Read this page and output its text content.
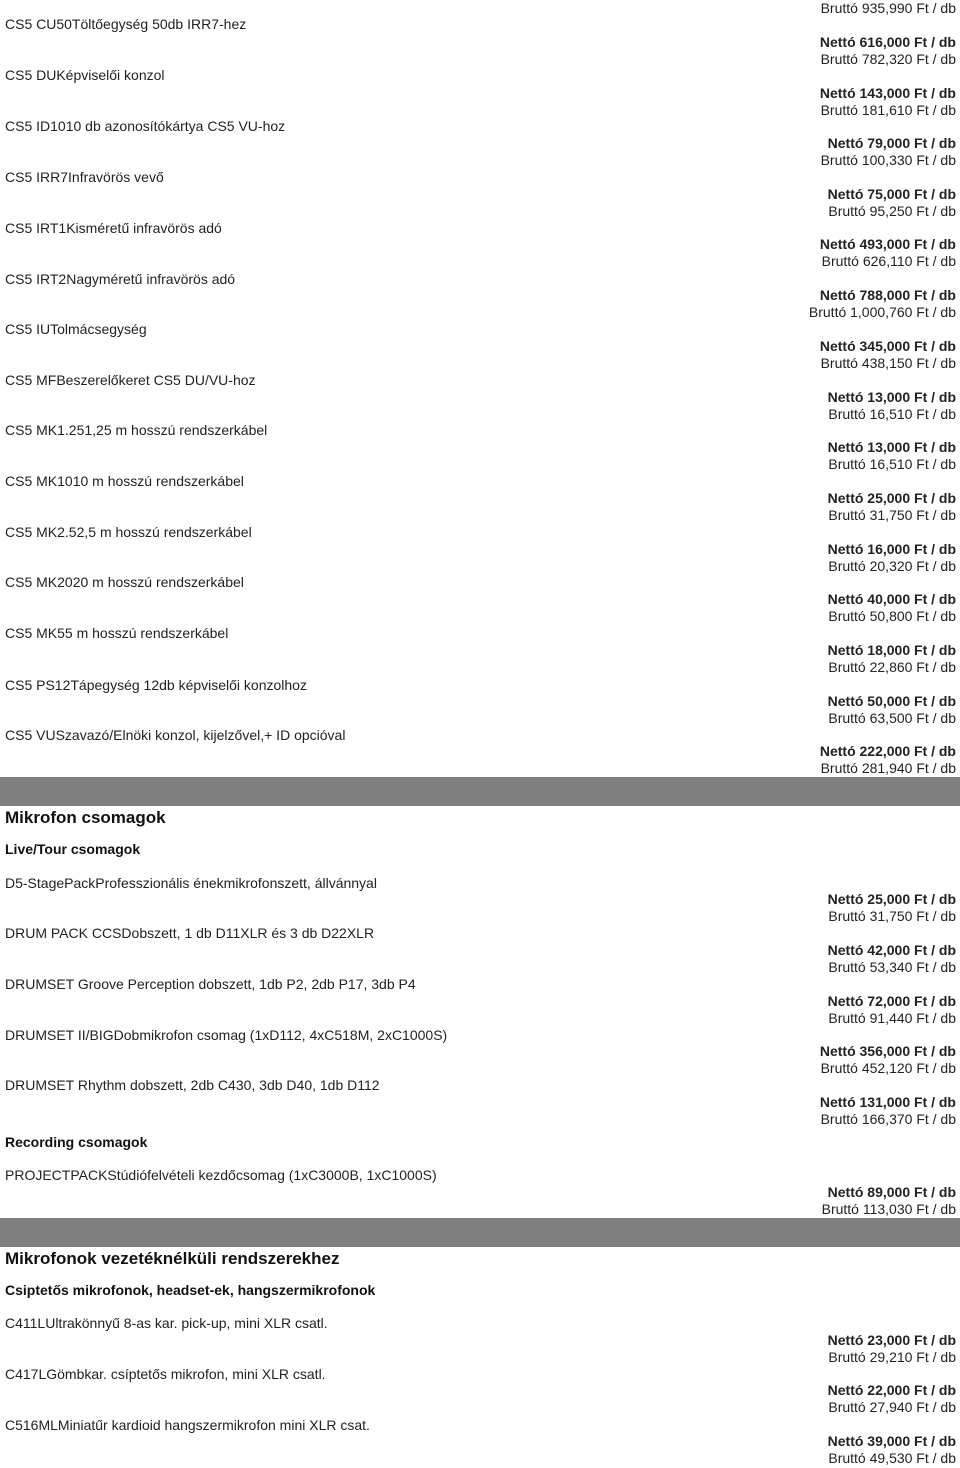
Bruttó 935,990 Ft / db
CS5 CU50Töltőegység 50db IRR7-hez
CS5 DUKépviselői konzol
CS5 ID1010 db azonosítókártya CS5 VU-hoz
CS5 IRR7Infravörös vevő
CS5 IRT1Kisméretű infravörös adó
CS5 IRT2Nagyméretű infravörös adó
CS5 IUTolmácsegység
CS5 MFBeszerelőkeret CS5 DU/VU-hoz
CS5 MK1.251,25 m hosszú rendszerkábel
CS5 MK1010 m hosszú rendszerkábel
CS5 MK2.52,5 m hosszú rendszerkábel
CS5 MK2020 m hosszú rendszerkábel
CS5 MK55 m hosszú rendszerkábel
CS5 PS12Tápegység 12db képviselői konzolhoz
CS5 VUSzavazó/Elnöki konzol, kijelzővel,+ ID opcióval
Nettó 616,000 Ft / db
Bruttó 782,320 Ft / db
Nettó 143,000 Ft / db
Bruttó 181,610 Ft / db
Nettó 79,000 Ft / db
Bruttó 100,330 Ft / db
Nettó 75,000 Ft / db
Bruttó 95,250 Ft / db
Nettó 493,000 Ft / db
Bruttó 626,110 Ft / db
Nettó 788,000 Ft / db
Bruttó 1,000,760 Ft / db
Nettó 345,000 Ft / db
Bruttó 438,150 Ft / db
Nettó 13,000 Ft / db
Bruttó 16,510 Ft / db
Nettó 13,000 Ft / db
Bruttó 16,510 Ft / db
Nettó 25,000 Ft / db
Bruttó 31,750 Ft / db
Nettó 16,000 Ft / db
Bruttó 20,320 Ft / db
Nettó 40,000 Ft / db
Bruttó 50,800 Ft / db
Nettó 18,000 Ft / db
Bruttó 22,860 Ft / db
Nettó 50,000 Ft / db
Bruttó 63,500 Ft / db
Nettó 222,000 Ft / db
Bruttó 281,940 Ft / db
Mikrofon csomagok
Live/Tour csomagok
D5-StagePackProfesszionális énekmikrofonszett, állvánnyal
DRUM PACK CCSDobszett, 1 db D11XLR és 3 db D22XLR
DRUMSET Groove Perception dobszett, 1db P2, 2db P17, 3db P4
DRUMSET II/BIGDobmikrofon csomag (1xD112, 4xC518M, 2xC1000S)
DRUMSET Rhythm dobszett, 2db C430, 3db D40, 1db D112
Nettó 25,000 Ft / db
Bruttó 31,750 Ft / db
Nettó 42,000 Ft / db
Bruttó 53,340 Ft / db
Nettó 72,000 Ft / db
Bruttó 91,440 Ft / db
Nettó 356,000 Ft / db
Bruttó 452,120 Ft / db
Nettó 131,000 Ft / db
Bruttó 166,370 Ft / db
Recording csomagok
PROJECTPACKStúdiófelvételi kezdőcsomag (1xC3000B, 1xC1000S)
Nettó 89,000 Ft / db
Bruttó 113,030 Ft / db
Mikrofonok vezetéknélküli rendszerekhez
Csiptetős mikrofonok, headset-ek, hangszermikrofonok
C411LUltrakönnyű 8-as kar. pick-up, mini XLR csatl.
C417LGömbkar. csíptetős mikrofon, mini XLR csatl.
C516MLMiniatűr kardioid hangszermikrofon mini XLR csat.
Nettó 23,000 Ft / db
Bruttó 29,210 Ft / db
Nettó 22,000 Ft / db
Bruttó 27,940 Ft / db
Nettó 39,000 Ft / db
Bruttó 49,530 Ft / db
